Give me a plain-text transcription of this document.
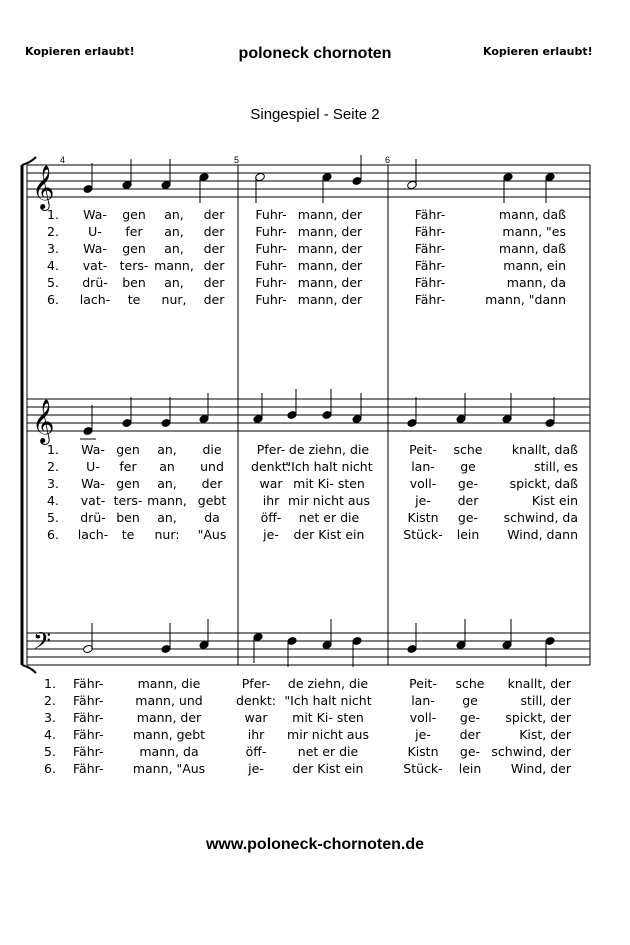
Kopieren erlaubt!	poloneck chornoten	Kopieren erlaubt!
Singespiel - Seite 2
4	5	6
𝄞
𝄞
𝄢
1. Wa- gen an, der Fuhr- mann, der	Fähr-	mann, daß
2. U- fer an, der Fuhr- mann, der	Fähr-	mann, "es
3. Wa- gen an, der Fuhr- mann, der	Fähr-	mann, daß
4. vat- ters- mann, der Fuhr- mann, der	Fähr-	mann, ein
5. drü- ben an, der Fuhr- mann, der	Fähr-	mann, da
6. lach- te nur, der Fuhr- mann, der	Fähr-	mann, "dann
1. Wa- gen an, die	Pfer- de ziehn, die	Peit- sche knallt, daß
2. U- fer an und denkt:
"Ich halt nicht	lan- ge	still, es
3. Wa- gen an, der	war mit Ki- sten	voll- ge-	spickt, daß
4. vat- ters- mann, gebt	ihr mir nicht aus	je- der	Kist ein
5. drü- ben an, da	öff- net er die	Kistn ge- schwind, da
6. lach- te nur: "Aus	je- der Kist ein	Stück- lein Wind, dann
1. Fähr-	mann, die	Pfer- de ziehn, die	Peit- sche knallt, der
2. Fähr-	mann, und	denkt: "Ich halt nicht	lan- ge	still, der
3. Fähr-	mann, der	war mit Ki- sten	voll- ge- spickt, der
4. Fähr- mann, gebt	ihr mir nicht aus	je- der	Kist, der
5. Fähr-	mann, da	öff-	net er die	Kistn ge- schwind, der
6. Fähr- mann, "Aus	je- der Kist ein	Stück- lein Wind, der
www.poloneck-chornoten.de
